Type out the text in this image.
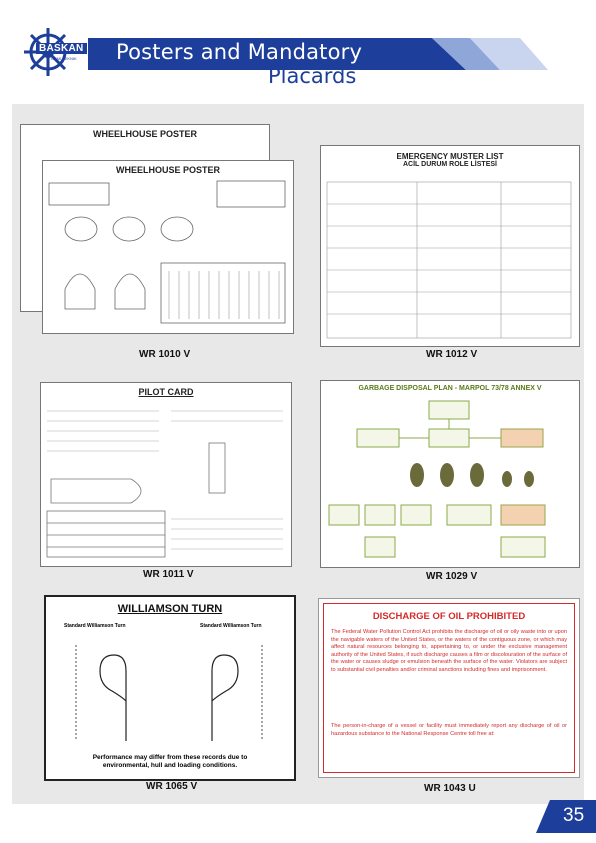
Posters and Mandatory
Placards
BASKAN
GEMI TEKNIK
WHEELHOUSE POSTER
WHEELHOUSE POSTER
WR 1010 V
EMERGENCY MUSTER LIST
ACİL DURUM ROLE LİSTESİ
WR 1012 V
PILOT CARD
WR 1011 V
GARBAGE DISPOSAL PLAN - MARPOL 73/78 ANNEX V
WR 1029 V
WILLIAMSON TURN
Standard Williamson Turn	Standard Williamson Turn
Performance may differ from these records due to environmental, hull and loading conditions.
WR 1065 V
DISCHARGE OF OIL PROHIBITED
The Federal Water Pollution Control Act prohibits the discharge of oil or oily waste into or upon the navigable waters of the United States, or the waters of the contiguous zone, or which may affect natural resources belonging to, appertaining to, or under the exclusive management authority of the United States, if such discharge causes a film or discolouration of the surface of the water or causes sludge or emulsion beneath the surface of the water. Violators are subject to substantial civil penalties and/or criminal sanctions including fines and imprisonment.
The person-in-charge of a vessel or facility must immediately report any discharge of oil or hazardous substance to the National Response Centre toll free at:
WR 1043 U
35
